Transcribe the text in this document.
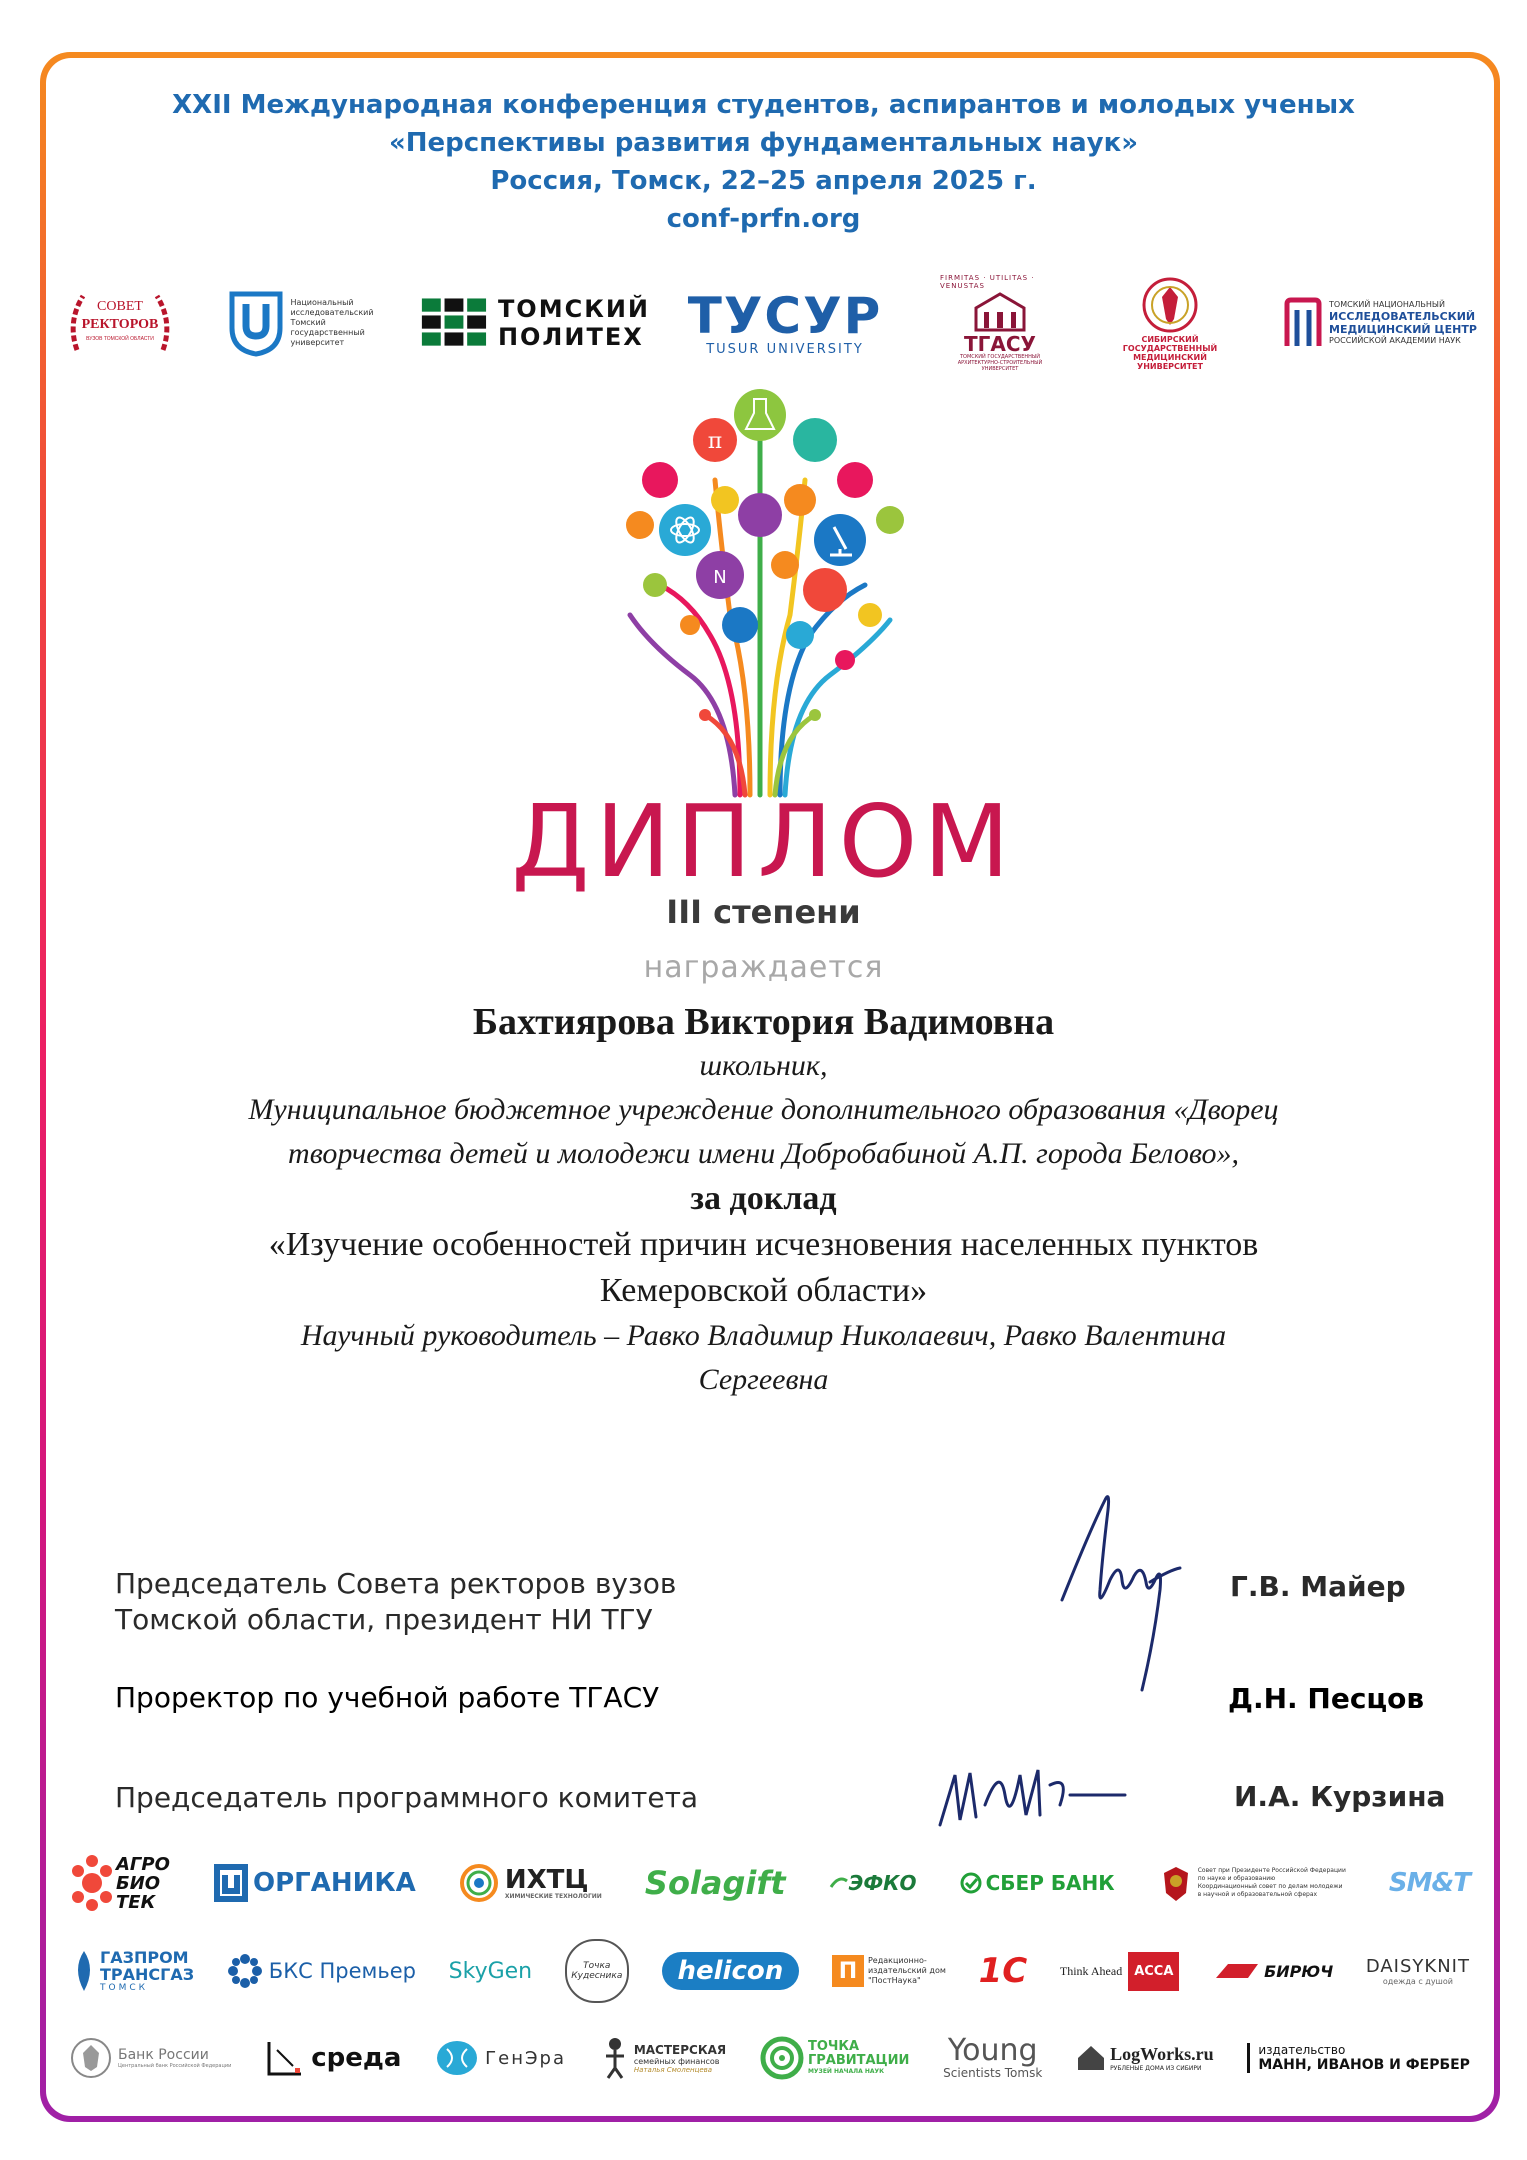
XXII Международная конференция студентов, аспирантов и молодых ученых
«Перспективы развития фундаментальных наук»
Россия, Томск, 22–25 апреля 2025 г.
conf-prfn.org
СОВЕТ
РЕКТОРОВ
ВУЗОВ ТОМСКОЙ ОБЛАСТИ
Национальный
исследовательский
Томский
государственный
университет
ТОМСКИЙ
ПОЛИТЕХ ТУСУР
TUSUR UNIVERSITY
FIRMITAS · UTILITAS · VENUSTAS
ТГАСУ
ТОМСКИЙ ГОСУДАРСТВЕННЫЙ АРХИТЕКТУРНО-СТРОИТЕЛЬНЫЙ УНИВЕРСИТЕТ
СИБИРСКИЙ ГОСУДАРСТВЕННЫЙ
МЕДИЦИНСКИЙ УНИВЕРСИТЕТ
ТОМСКИЙ НАЦИОНАЛЬНЫЙ
ИССЛЕДОВАТЕЛЬСКИЙ
МЕДИЦИНСКИЙ ЦЕНТР
РОССИЙСКОЙ АКАДЕМИИ НАУК
π
N
ДИПЛОМ
III степени
награждается
Бахтиярова Виктория Вадимовна
школьник,
Муниципальное бюджетное учреждение дополнительного образования «Дворец
творчества детей и молодежи имени Добробабиной А.П. города Белово»,
за доклад
«Изучение особенностей причин исчезновения населенных пунктов
Кемеровской области»
Научный руководитель – Равко Владимир Николаевич, Равко Валентина
Сергеевна
Председатель Совета ректоров вузов
Томской области, президент НИ ТГУ
Г.В. Майер
Проректор по учебной работе ТГАСУ	Д.Н. Песцов
Председатель программного комитета	И.А. Курзина
АГРО
БИО
ТЕК
ОРГАНИКА	ИХТЦ
ХИМИЧЕСКИЕ ТЕХНОЛОГИИ Solagift	ЭФКО	СБЕР БАНК
Совет при Президенте Российской Федерации
по науке и образованию
Координационный совет по делам молодежи
в научной и образовательной сферах	SM&T
ГАЗПРОМ
ТРАНСГАЗ
ТОМСК
БКС Премьер SkyGen	Точка
Кудесника	helicon	П	Редакционно-
издательский дом
"ПостНаука"	1С	Think Ahead ACCA	БИРЮЧ DAISYKNIT
одежда с душой
Банк России
Центральный банк Российской Федерации	среда	ГенЭра	МАСТЕРСКАЯ
семейных финансов
Наталья Смоленцева
ТОЧКА
ГРАВИТАЦИИ
МУЗЕЙ НАЧАЛА НАУК
Young
Scientists Tomsk
LogWorks.ru
РУБЛЕНЫЕ ДОМА ИЗ СИБИРИ
издательство
МАНН, ИВАНОВ И ФЕРБЕР
